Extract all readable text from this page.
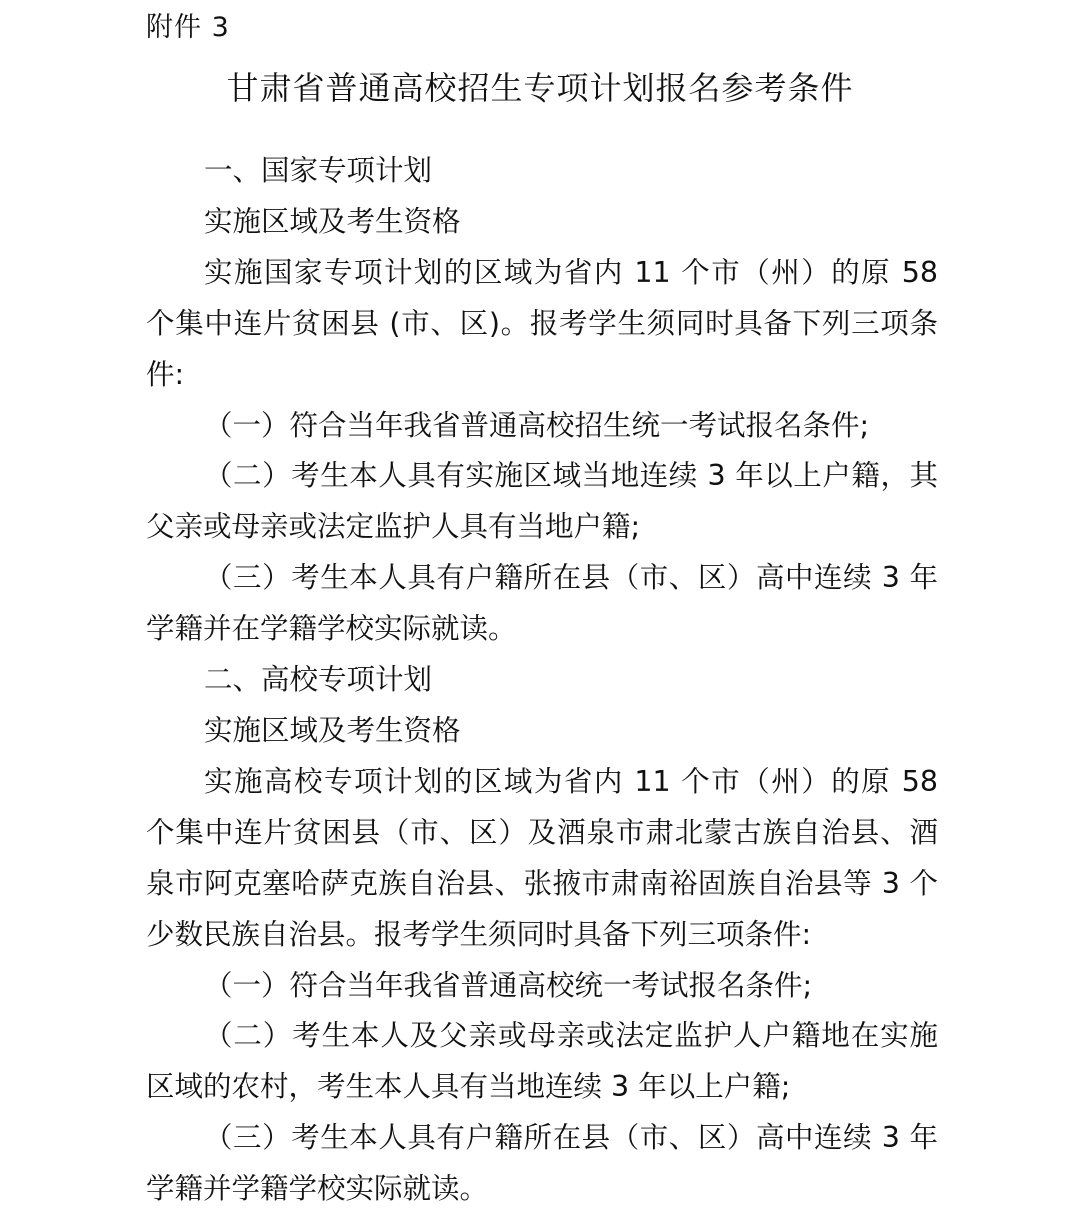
附件 3
甘肃省普通高校招生专项计划报名参考条件

一、国家专项计划

实施区域及考生资格

实施国家专项计划的区域为省内 11 个市（州）的原 58 个集中连片贫困县 (市、区)。报考学生须同时具备下列三项条件:

（一）符合当年我省普通高校招生统一考试报名条件;

（二）考生本人具有实施区域当地连续 3 年以上户籍，其父亲或母亲或法定监护人具有当地户籍;

（三）考生本人具有户籍所在县（市、区）高中连续 3 年学籍并在学籍学校实际就读。

二、高校专项计划

实施区域及考生资格

实施高校专项计划的区域为省内 11 个市（州）的原 58 个集中连片贫困县（市、区）及酒泉市肃北蒙古族自治县、酒泉市阿克塞哈萨克族自治县、张掖市肃南裕固族自治县等 3 个少数民族自治县。报考学生须同时具备下列三项条件:

（一）符合当年我省普通高校统一考试报名条件;

（二）考生本人及父亲或母亲或法定监护人户籍地在实施区域的农村，考生本人具有当地连续 3 年以上户籍;

（三）考生本人具有户籍所在县（市、区）高中连续 3 年学籍并学籍学校实际就读。
